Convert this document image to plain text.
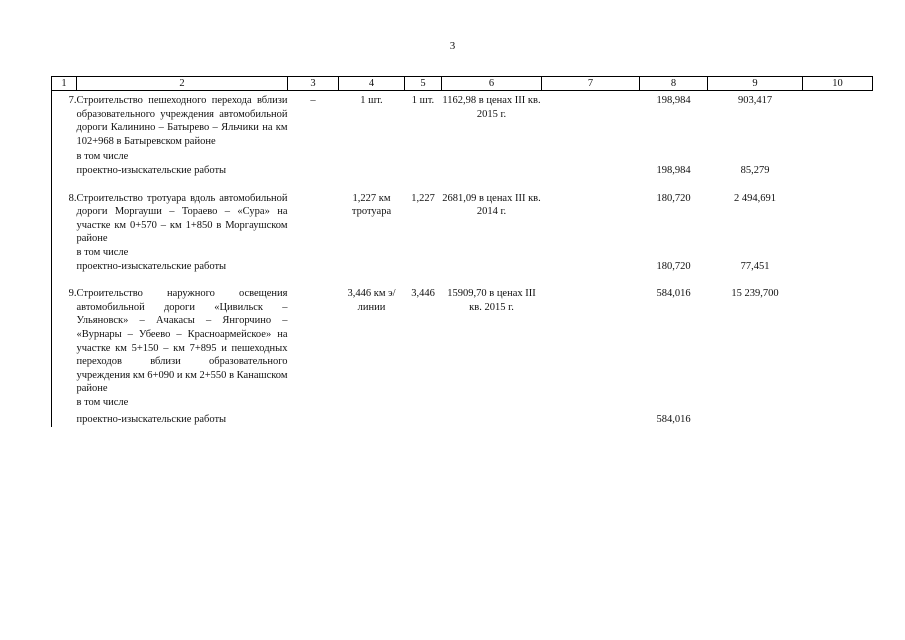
3
1	2	3	4	5	6	7	8	9	10

7.	Строительство пешеходного перехода вблизи образовательного учреждения автомобильной дороги Калинино – Батырево – Яльчики на км 102+968 в Батыревском районе	–	1 шт.	1 шт.	1162,98 в ценах III кв. 2015 г.		198,984	903,417	

	в том числе								
	проектно-изыскательские работы						198,984	85,279	

8.	Строительство тротуара вдоль автомобильной дороги Моргауши – Тораево – «Сура» на участке км 0+570 – км 1+850 в Моргаушском районе		1,227 км тротуара	1,227	2681,09 в ценах III кв. 2014 г.		180,720	2 494,691	
	в том числе								
	проектно-изыскательские работы						180,720	77,451	

9.	Строительство наружного освещения автомобильной дороги «Цивильск – Ульяновск» – Ачакасы – Янгорчино – «Вурнары – Убеево – Красноармейское» на участке км 5+150 – км 7+895 и пешеходных переходов вблизи образовательного учреждения км 6+090 и км 2+550 в Канашском районе		3,446 км э/линии	3,446	15909,70 в ценах III кв. 2015 г.		584,016	15 239,700	
	в том числе								

	проектно-изыскательские работы						584,016		
